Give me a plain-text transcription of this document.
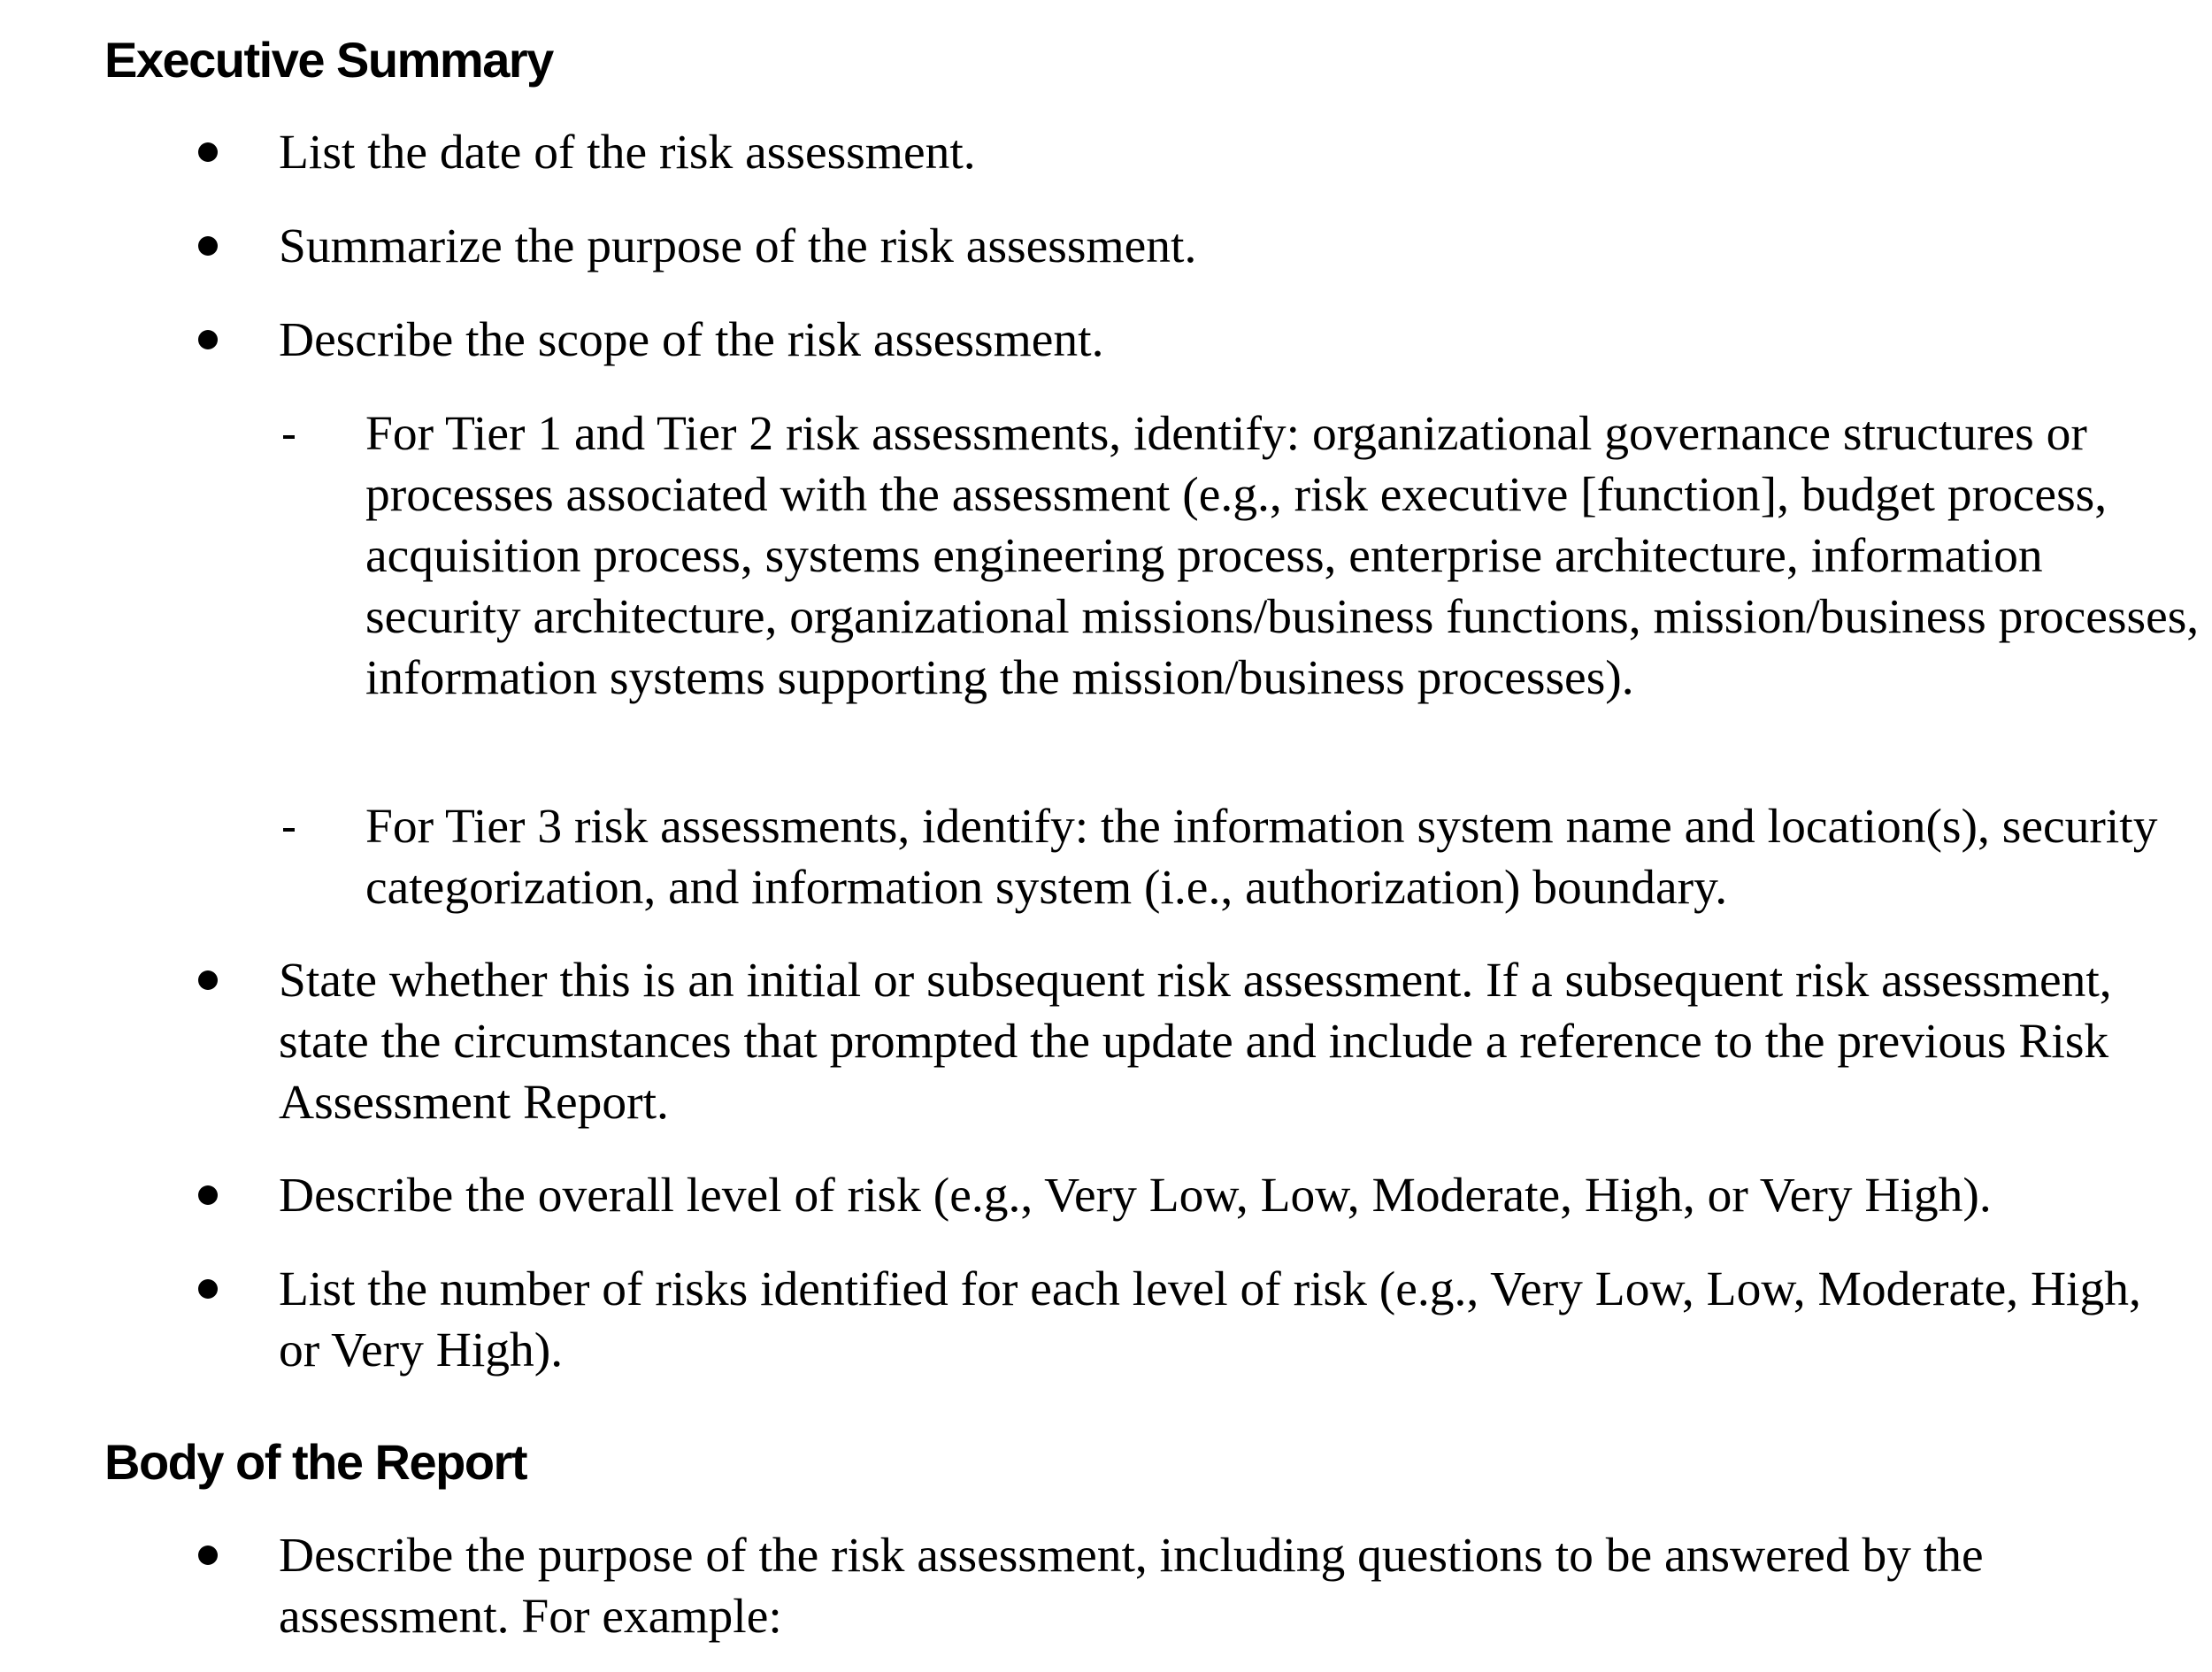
Executive Summary
List the date of the risk assessment.
Summarize the purpose of the risk assessment.
Describe the scope of the risk assessment.
For Tier 1 and Tier 2 risk assessments, identify: organizational governance structures or processes associated with the assessment (e.g., risk executive [function], budget process, acquisition process, systems engineering process, enterprise architecture, information security architecture, organizational missions/business functions, mission/business processes, information systems supporting the mission/business processes).
For Tier 3 risk assessments, identify: the information system name and location(s), security categorization, and information system (i.e., authorization) boundary.
State whether this is an initial or subsequent risk assessment. If a subsequent risk assessment, state the circumstances that prompted the update and include a reference to the previous Risk Assessment Report.
Describe the overall level of risk (e.g., Very Low, Low, Moderate, High, or Very High).
List the number of risks identified for each level of risk (e.g., Very Low, Low, Moderate, High, or Very High).
Body of the Report
Describe the purpose of the risk assessment, including questions to be answered by the assessment. For example:
